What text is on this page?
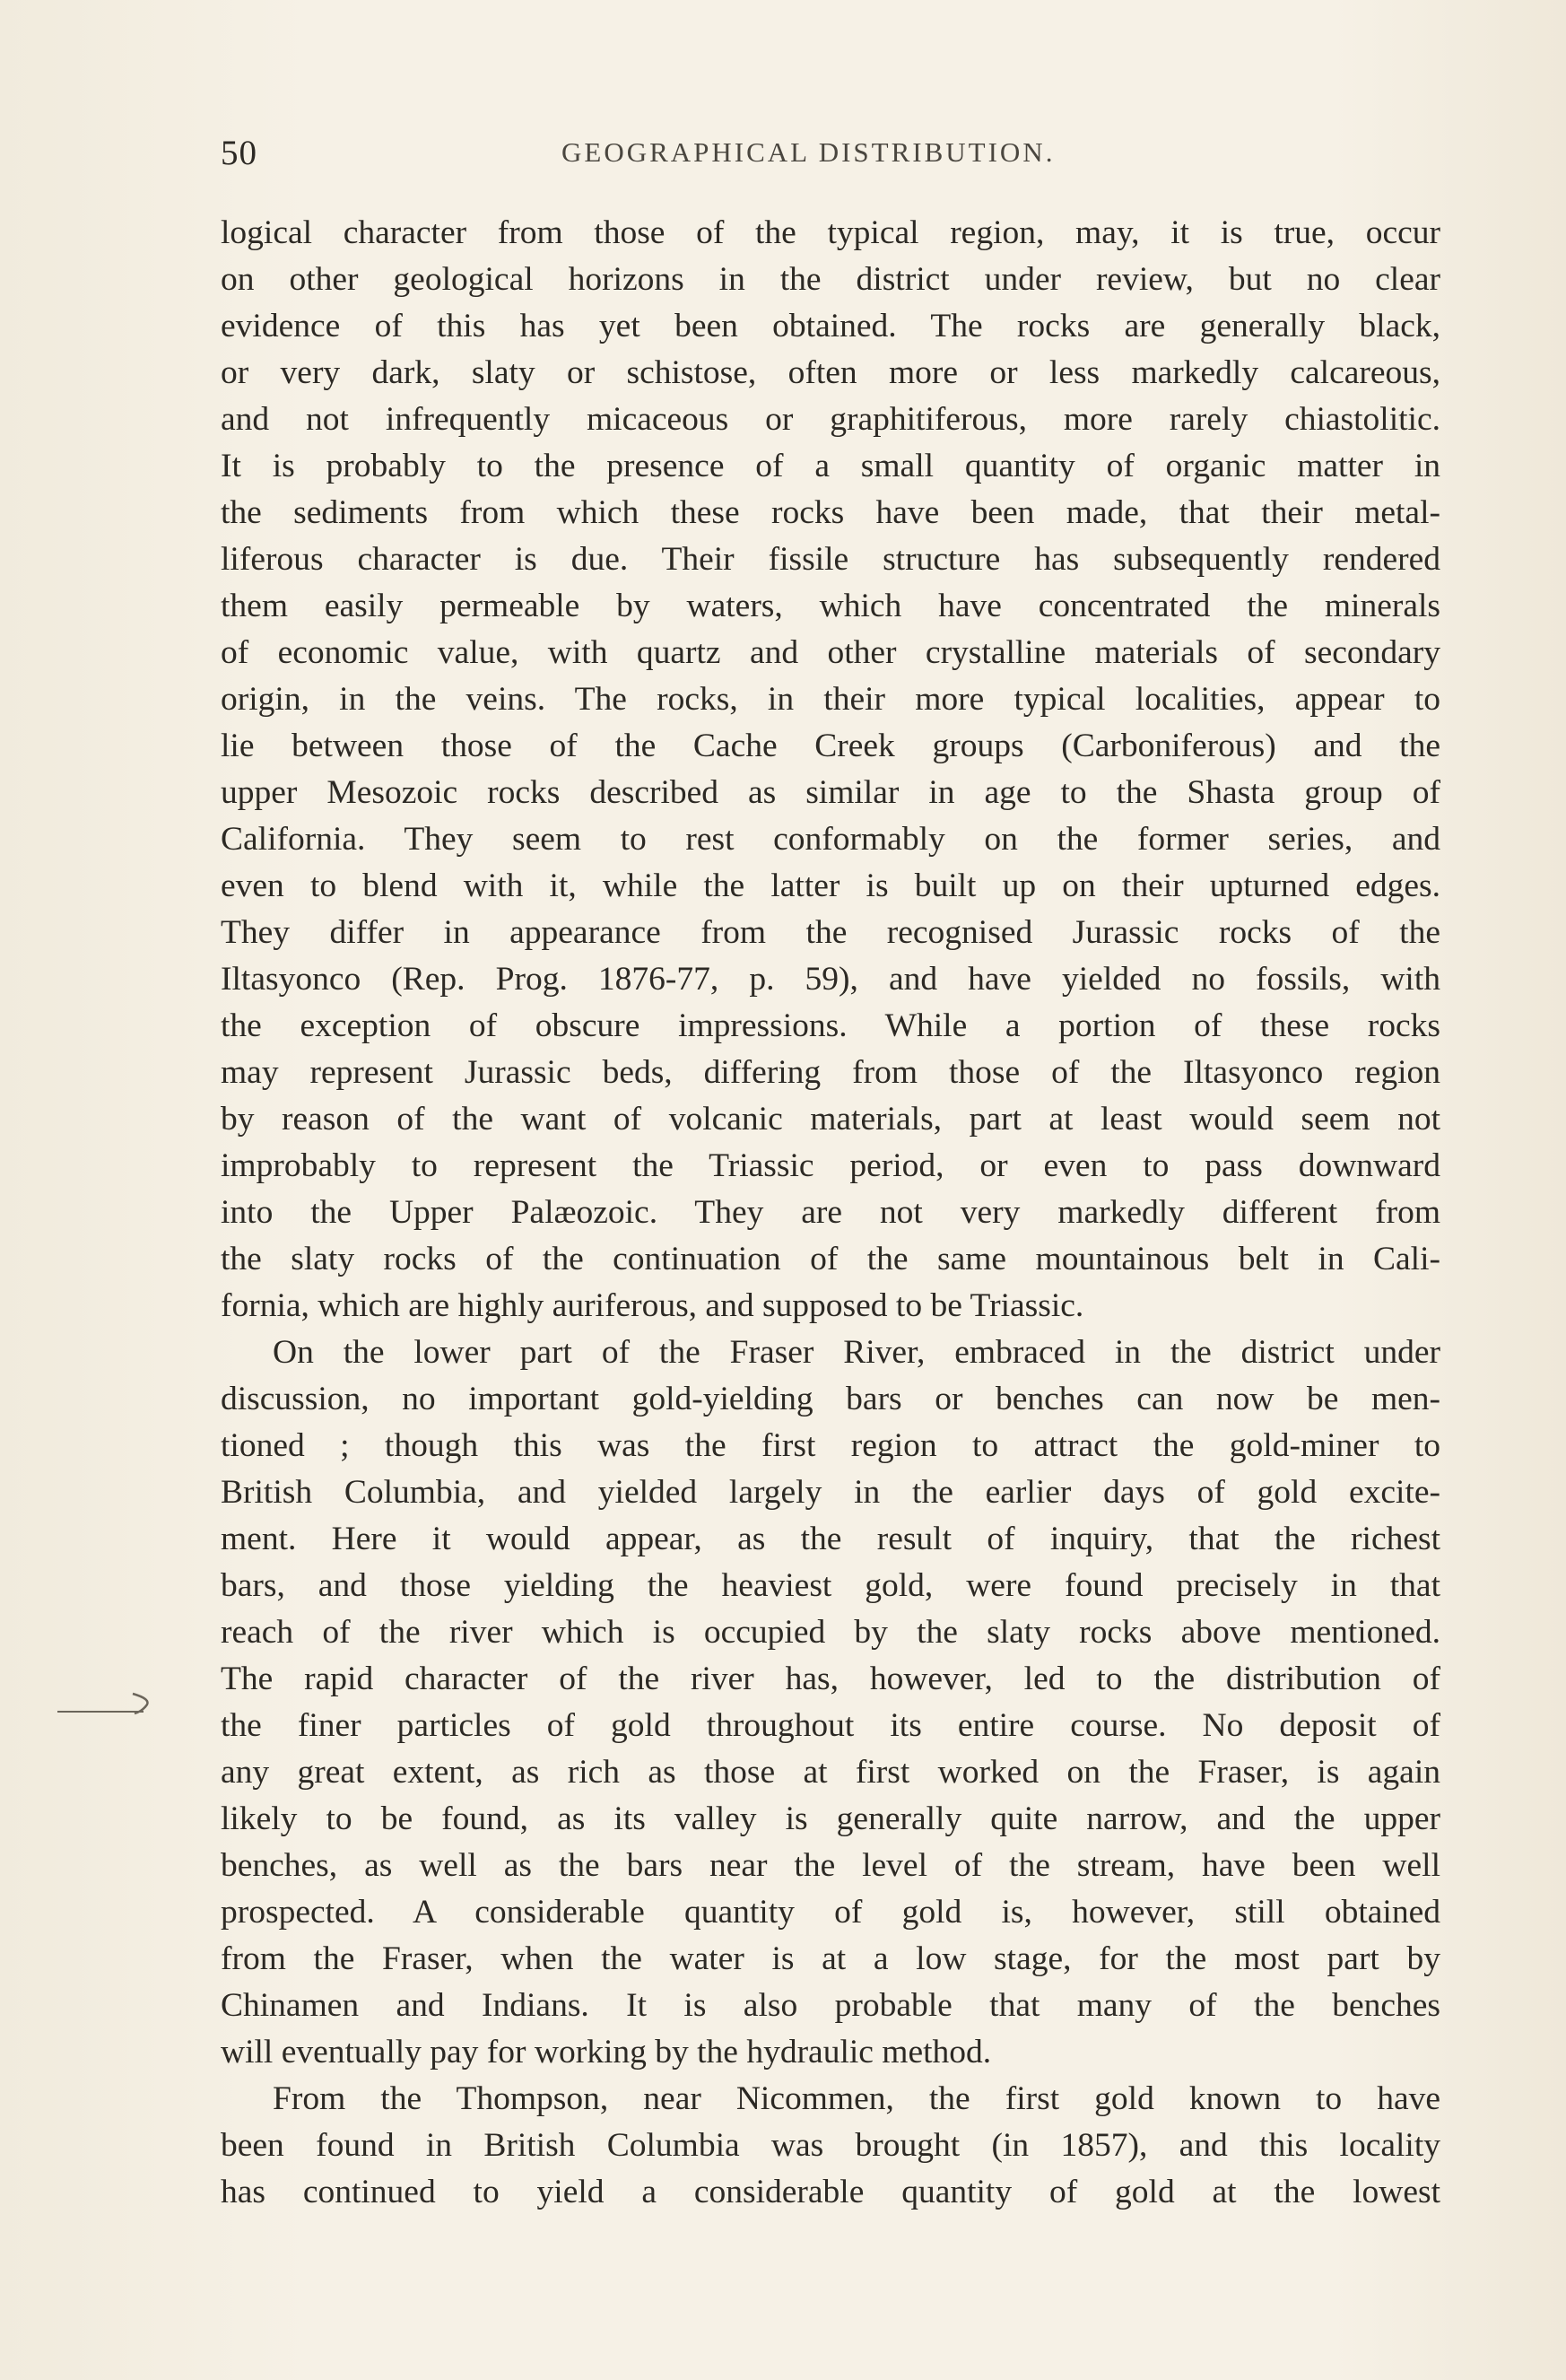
50	GEOGRAPHICAL DISTRIBUTION.
logical character from those of the typical region, may, it is true, occur
on other geological horizons in the district under review, but no clear
evidence of this has yet been obtained. The rocks are generally black,
or very dark, slaty or schistose, often more or less markedly calcareous,
and not infrequently micaceous or graphitiferous, more rarely chiastolitic.
It is probably to the presence of a small quantity of organic matter in
the sediments from which these rocks have been made, that their metal-
liferous character is due. Their fissile structure has subsequently rendered
them easily permeable by waters, which have concentrated the minerals
of economic value, with quartz and other crystalline materials of secondary
origin, in the veins. The rocks, in their more typical localities, appear to
lie between those of the Cache Creek groups (Carboniferous) and the
upper Mesozoic rocks described as similar in age to the Shasta group of
California. They seem to rest conformably on the former series, and
even to blend with it, while the latter is built up on their upturned edges.
They differ in appearance from the recognised Jurassic rocks of the
Iltasyonco (Rep. Prog. 1876-77, p. 59), and have yielded no fossils, with
the exception of obscure impressions. While a portion of these rocks
may represent Jurassic beds, differing from those of the Iltasyonco region
by reason of the want of volcanic materials, part at least would seem not
improbably to represent the Triassic period, or even to pass downward
into the Upper Palæozoic. They are not very markedly different from
the slaty rocks of the continuation of the same mountainous belt in Cali-
fornia, which are highly auriferous, and supposed to be Triassic.
On the lower part of the Fraser River, embraced in the district under
discussion, no important gold-yielding bars or benches can now be men-
tioned ; though this was the first region to attract the gold-miner to
British Columbia, and yielded largely in the earlier days of gold excite-
ment. Here it would appear, as the result of inquiry, that the richest
bars, and those yielding the heaviest gold, were found precisely in that
reach of the river which is occupied by the slaty rocks above mentioned.
The rapid character of the river has, however, led to the distribution of
the finer particles of gold throughout its entire course. No deposit of
any great extent, as rich as those at first worked on the Fraser, is again
likely to be found, as its valley is generally quite narrow, and the upper
benches, as well as the bars near the level of the stream, have been well
prospected. A considerable quantity of gold is, however, still obtained
from the Fraser, when the water is at a low stage, for the most part by
Chinamen and Indians. It is also probable that many of the benches
will eventually pay for working by the hydraulic method.
From the Thompson, near Nicommen, the first gold known to have
been found in British Columbia was brought (in 1857), and this locality
has continued to yield a considerable quantity of gold at the lowest
